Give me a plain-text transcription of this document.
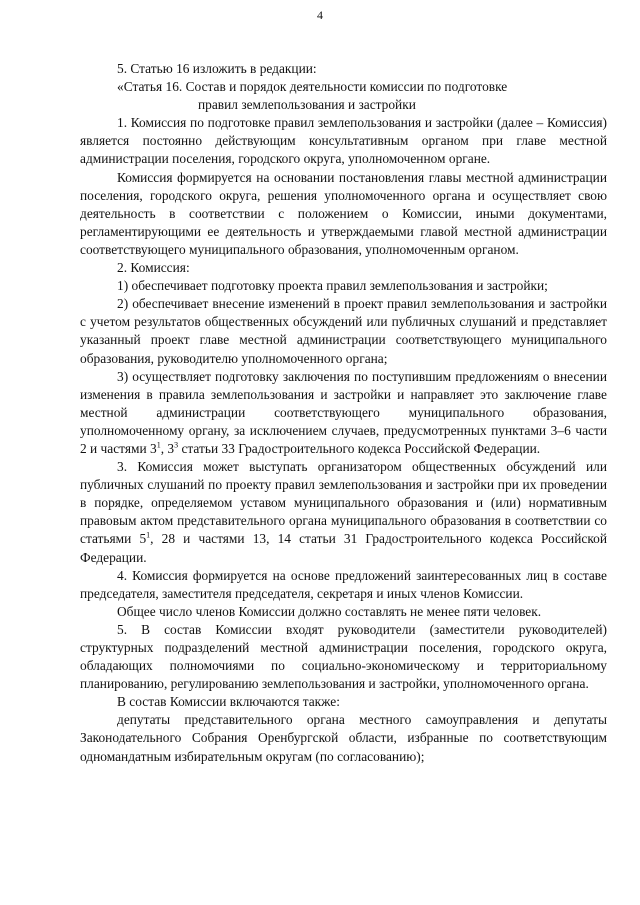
4

5. Статью 16 изложить в редакции:

«Статья 16. Состав и порядок деятельности комиссии по подготовке

правил землепользования и застройки

1. Комиссия по подготовке правил землепользования и застройки (далее – Комиссия) является постоянно действующим консультативным органом при главе местной администрации поселения, городского округа, уполномоченном органе.

Комиссия формируется на основании постановления главы местной администрации поселения, городского округа, решения уполномоченного органа и осуществляет свою деятельность в соответствии с положением о Комиссии, иными документами, регламентирующими ее деятельность и утверждаемыми главой местной администрации соответствующего муниципального образования, уполномоченным органом.

2. Комиссия:

1) обеспечивает подготовку проекта правил землепользования и застройки;

2) обеспечивает внесение изменений в проект правил землепользования и застройки с учетом результатов общественных обсуждений или публичных слушаний и представляет указанный проект главе местной администрации соответствующего муниципального образования, руководителю уполномоченного органа;

3) осуществляет подготовку заключения по поступившим предложениям о внесении изменения в правила землепользования и застройки и направляет это заключение главе местной администрации соответствующего муниципального образования, уполномоченному органу, за исключением случаев, предусмотренных пунктами 3–6 части 2 и частями $3^1$, $3^3$ статьи 33 Градостроительного кодекса Российской Федерации.

3. Комиссия может выступать организатором общественных обсуждений или публичных слушаний по проекту правил землепользования и застройки при их проведении в порядке, определяемом уставом муниципального образования и (или) нормативным правовым актом представительного органа муниципального образования в соответствии со статьями $5^1$, 28 и частями 13, 14 статьи 31 Градостроительного кодекса Российской Федерации.

4. Комиссия формируется на основе предложений заинтересованных лиц в составе председателя, заместителя председателя, секретаря и иных членов Комиссии.

Общее число членов Комиссии должно составлять не менее пяти человек.

5. В состав Комиссии входят руководители (заместители руководителей) структурных подразделений местной администрации поселения, городского округа, обладающих полномочиями по социально-экономическому и территориальному планированию, регулированию землепользования и застройки, уполномоченного органа.

В состав Комиссии включаются также:

депутаты представительного органа местного самоуправления и депутаты Законодательного Собрания Оренбургской области, избранные по соответствующим одномандатным избирательным округам (по согласованию);
